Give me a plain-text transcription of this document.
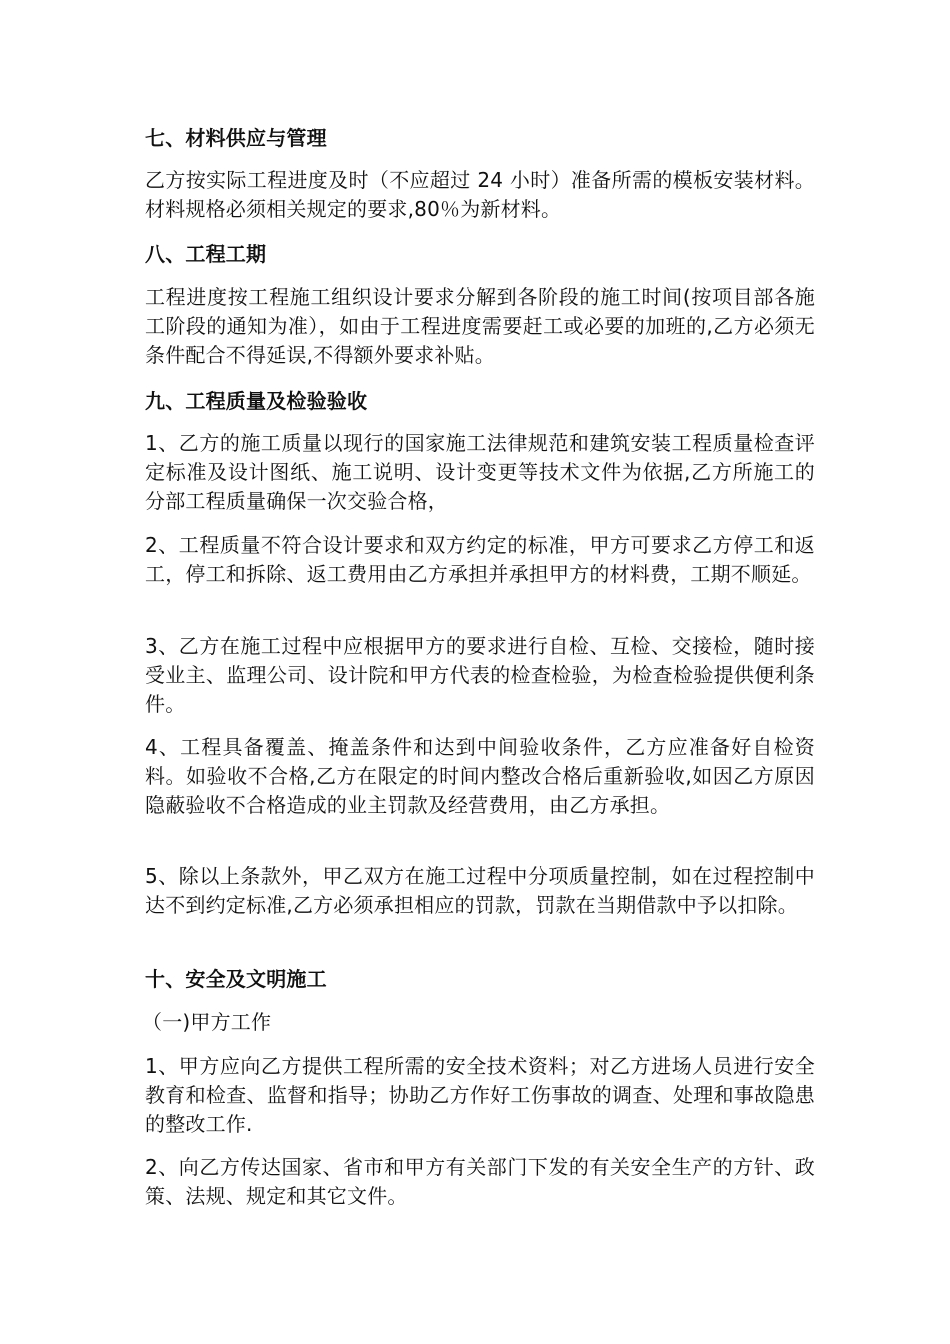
七、材料供应与管理

乙方按实际工程进度及时（不应超过 24 小时）准备所需的模板安装材料。材料规格必须相关规定的要求,80％为新材料。

八、工程工期

工程进度按工程施工组织设计要求分解到各阶段的施工时间(按项目部各施工阶段的通知为准），如由于工程进度需要赶工或必要的加班的,乙方必须无条件配合不得延误,不得额外要求补贴。

九、工程质量及检验验收

1、乙方的施工质量以现行的国家施工法律规范和建筑安装工程质量检查评定标准及设计图纸、施工说明、设计变更等技术文件为依据,乙方所施工的分部工程质量确保一次交验合格，

2、工程质量不符合设计要求和双方约定的标准，甲方可要求乙方停工和返工，停工和拆除、返工费用由乙方承担并承担甲方的材料费，工期不顺延。

3、乙方在施工过程中应根据甲方的要求进行自检、互检、交接检，随时接受业主、监理公司、设计院和甲方代表的检查检验，为检查检验提供便利条件。

4、工程具备覆盖、掩盖条件和达到中间验收条件，乙方应准备好自检资料。如验收不合格,乙方在限定的时间内整改合格后重新验收,如因乙方原因隐蔽验收不合格造成的业主罚款及经营费用，由乙方承担。

5、除以上条款外，甲乙双方在施工过程中分项质量控制，如在过程控制中达不到约定标准,乙方必须承担相应的罚款，罚款在当期借款中予以扣除。

十、安全及文明施工

（一)甲方工作

1、甲方应向乙方提供工程所需的安全技术资料；对乙方进场人员进行安全教育和检查、监督和指导；协助乙方作好工伤事故的调查、处理和事故隐患的整改工作.

2、向乙方传达国家、省市和甲方有关部门下发的有关安全生产的方针、政策、法规、规定和其它文件。
